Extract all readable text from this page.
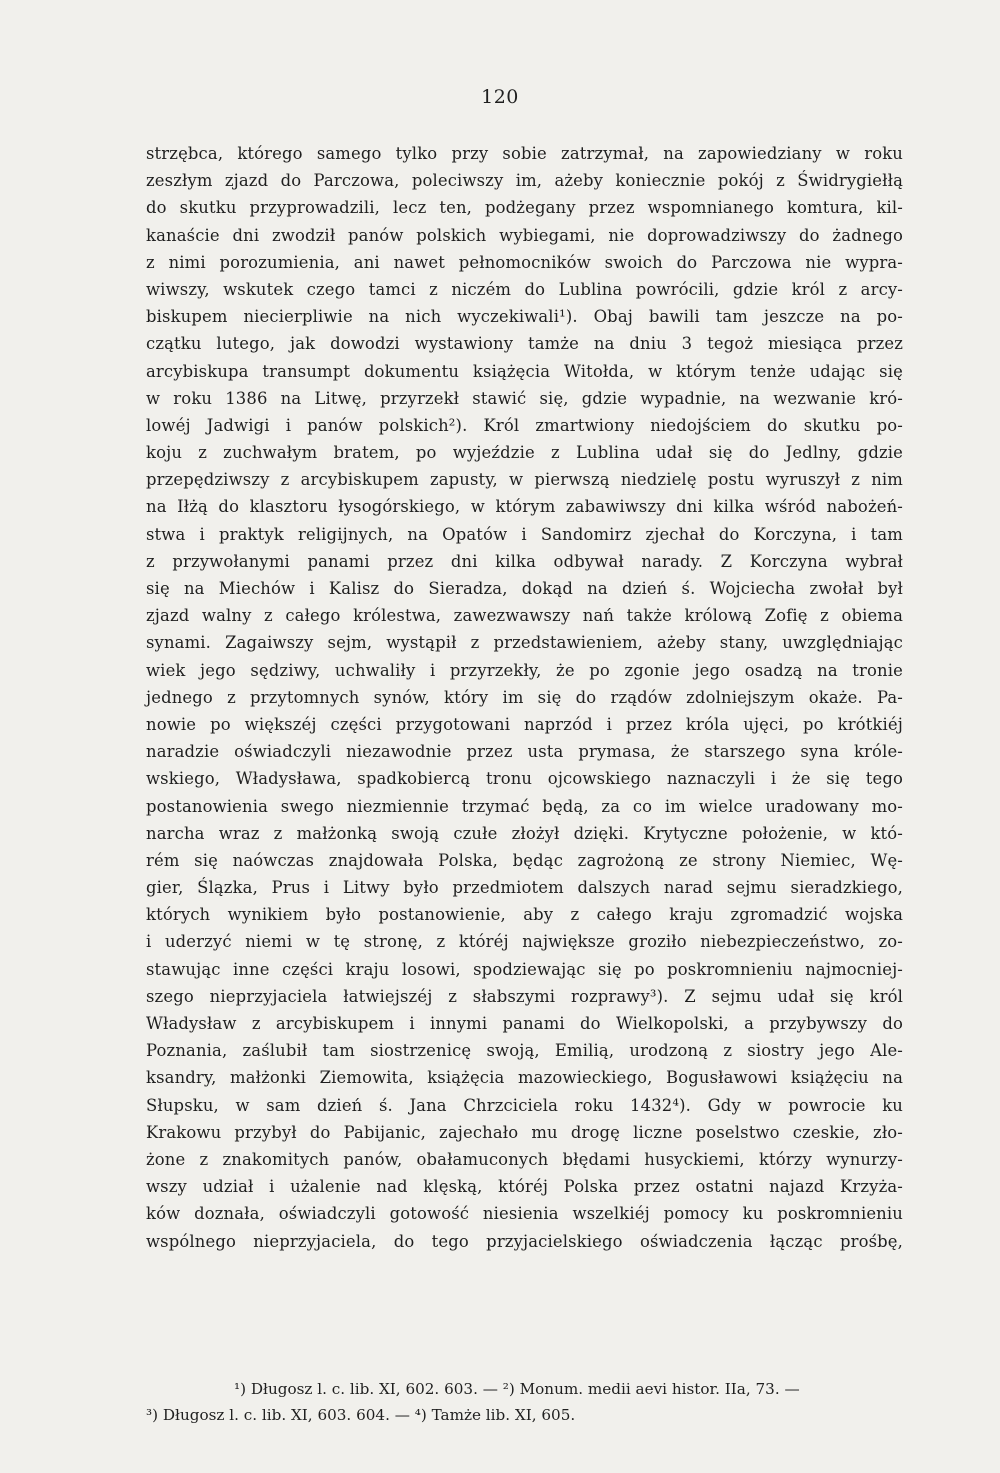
120
strzębca, którego samego tylko przy sobie zatrzymał, na zapowiedziany w roku
zeszłym zjazd do Parczowa, poleciwszy im, ażeby koniecznie pokój z Świdrygiełłą
do skutku przyprowadzili, lecz ten, podżegany przez wspomnianego komtura, kil-
kanaście dni zwodził panów polskich wybiegami, nie doprowadziwszy do żadnego
z nimi porozumienia, ani nawet pełnomocników swoich do Parczowa nie wypra-
wiwszy, wskutek czego tamci z niczém do Lublina powrócili, gdzie król z arcy-
biskupem niecierpliwie na nich wyczekiwali¹). Obaj bawili tam jeszcze na po-
czątku lutego, jak dowodzi wystawiony tamże na dniu 3 tegoż miesiąca przez
arcybiskupa transumpt dokumentu książęcia Witołda, w którym tenże udając się
w roku 1386 na Litwę, przyrzekł stawić się, gdzie wypadnie, na wezwanie kró-
lowéj Jadwigi i panów polskich²). Król zmartwiony niedojściem do skutku po-
koju z zuchwałym bratem, po wyjeździe z Lublina udał się do Jedlny, gdzie
przepędziwszy z arcybiskupem zapusty, w pierwszą niedzielę postu wyruszył z nim
na Iłżą do klasztoru łysogórskiego, w którym zabawiwszy dni kilka wśród nabożeń-
stwa i praktyk religijnych, na Opatów i Sandomirz zjechał do Korczyna, i tam
z przywołanymi panami przez dni kilka odbywał narady. Z Korczyna wybrał
się na Miechów i Kalisz do Sieradza, dokąd na dzień ś. Wojciecha zwołał był
zjazd walny z całego królestwa, zawezwawszy nań także królową Zofię z obiema
synami. Zagaiwszy sejm, wystąpił z przedstawieniem, ażeby stany, uwzględniając
wiek jego sędziwy, uchwaliły i przyrzekły, że po zgonie jego osadzą na tronie
jednego z przytomnych synów, który im się do rządów zdolniejszym okaże. Pa-
nowie po większéj części przygotowani naprzód i przez króla ujęci, po krótkiéj
naradzie oświadczyli niezawodnie przez usta prymasa, że starszego syna króle-
wskiego, Władysława, spadkobiercą tronu ojcowskiego naznaczyli i że się tego
postanowienia swego niezmiennie trzymać będą, za co im wielce uradowany mo-
narcha wraz z małżonką swoją czułe złożył dzięki. Krytyczne położenie, w któ-
rém się naówczas znajdowała Polska, będąc zagrożoną ze strony Niemiec, Wę-
gier, Ślązka, Prus i Litwy było przedmiotem dalszych narad sejmu sieradzkiego,
których wynikiem było postanowienie, aby z całego kraju zgromadzić wojska
i uderzyć niemi w tę stronę, z któréj największe groziło niebezpieczeństwo, zo-
stawując inne części kraju losowi, spodziewając się po poskromnieniu najmocniej-
szego nieprzyjaciela łatwiejszéj z słabszymi rozprawy³). Z sejmu udał się król
Władysław z arcybiskupem i innymi panami do Wielkopolski, a przybywszy do
Poznania, zaślubił tam siostrzenicę swoją, Emilią, urodzoną z siostry jego Ale-
ksandry, małżonki Ziemowita, książęcia mazowieckiego, Bogusławowi książęciu na
Słupsku, w sam dzień ś. Jana Chrzciciela roku 1432⁴). Gdy w powrocie ku
Krakowu przybył do Pabijanic, zajechało mu drogę liczne poselstwo czeskie, zło-
żone z znakomitych panów, obałamuconych błędami husyckiemi, którzy wynurzy-
wszy udział i użalenie nad klęską, któréj Polska przez ostatni najazd Krzyża-
ków doznała, oświadczyli gotowość niesienia wszelkiéj pomocy ku poskromnieniu
wspólnego nieprzyjaciela, do tego przyjacielskiego oświadczenia łącząc prośbę,
¹) Długosz l. c. lib. XI, 602. 603. — ²) Monum. medii aevi histor. IIa, 73. —
³) Długosz l. c. lib. XI, 603. 604. — ⁴) Tamże lib. XI, 605.
